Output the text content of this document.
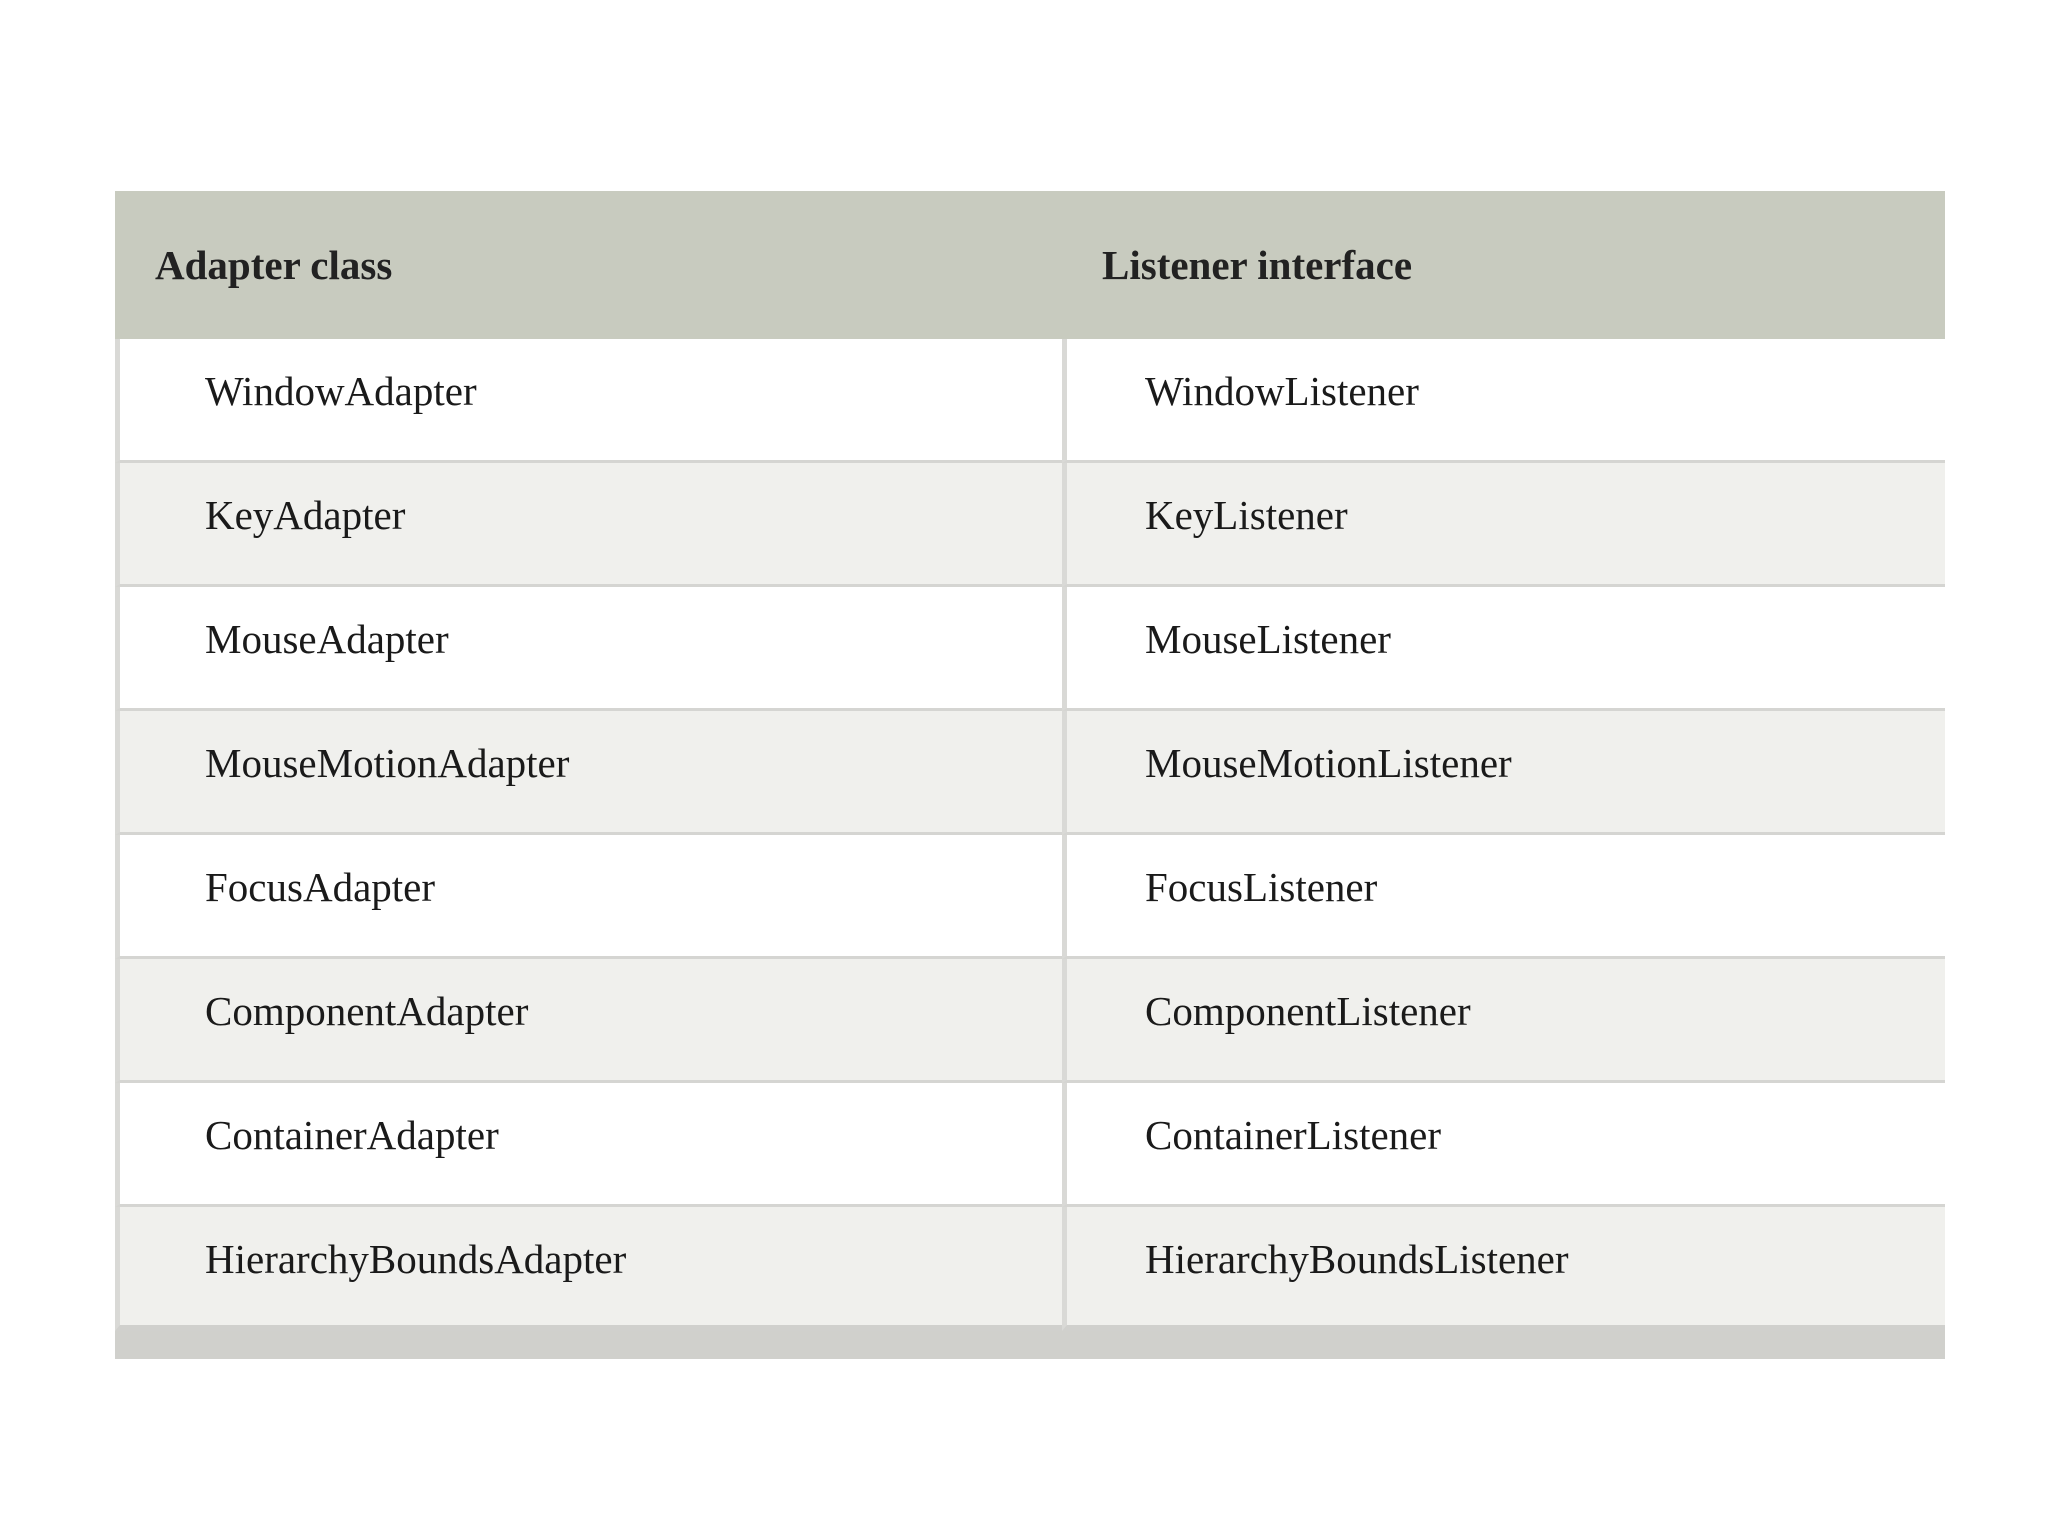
Adapter class	Listener interface
WindowAdapter	WindowListener
KeyAdapter	KeyListener
MouseAdapter	MouseListener
MouseMotionAdapter	MouseMotionListener
FocusAdapter	FocusListener
ComponentAdapter	ComponentListener
ContainerAdapter	ContainerListener
HierarchyBoundsAdapter	HierarchyBoundsListener
